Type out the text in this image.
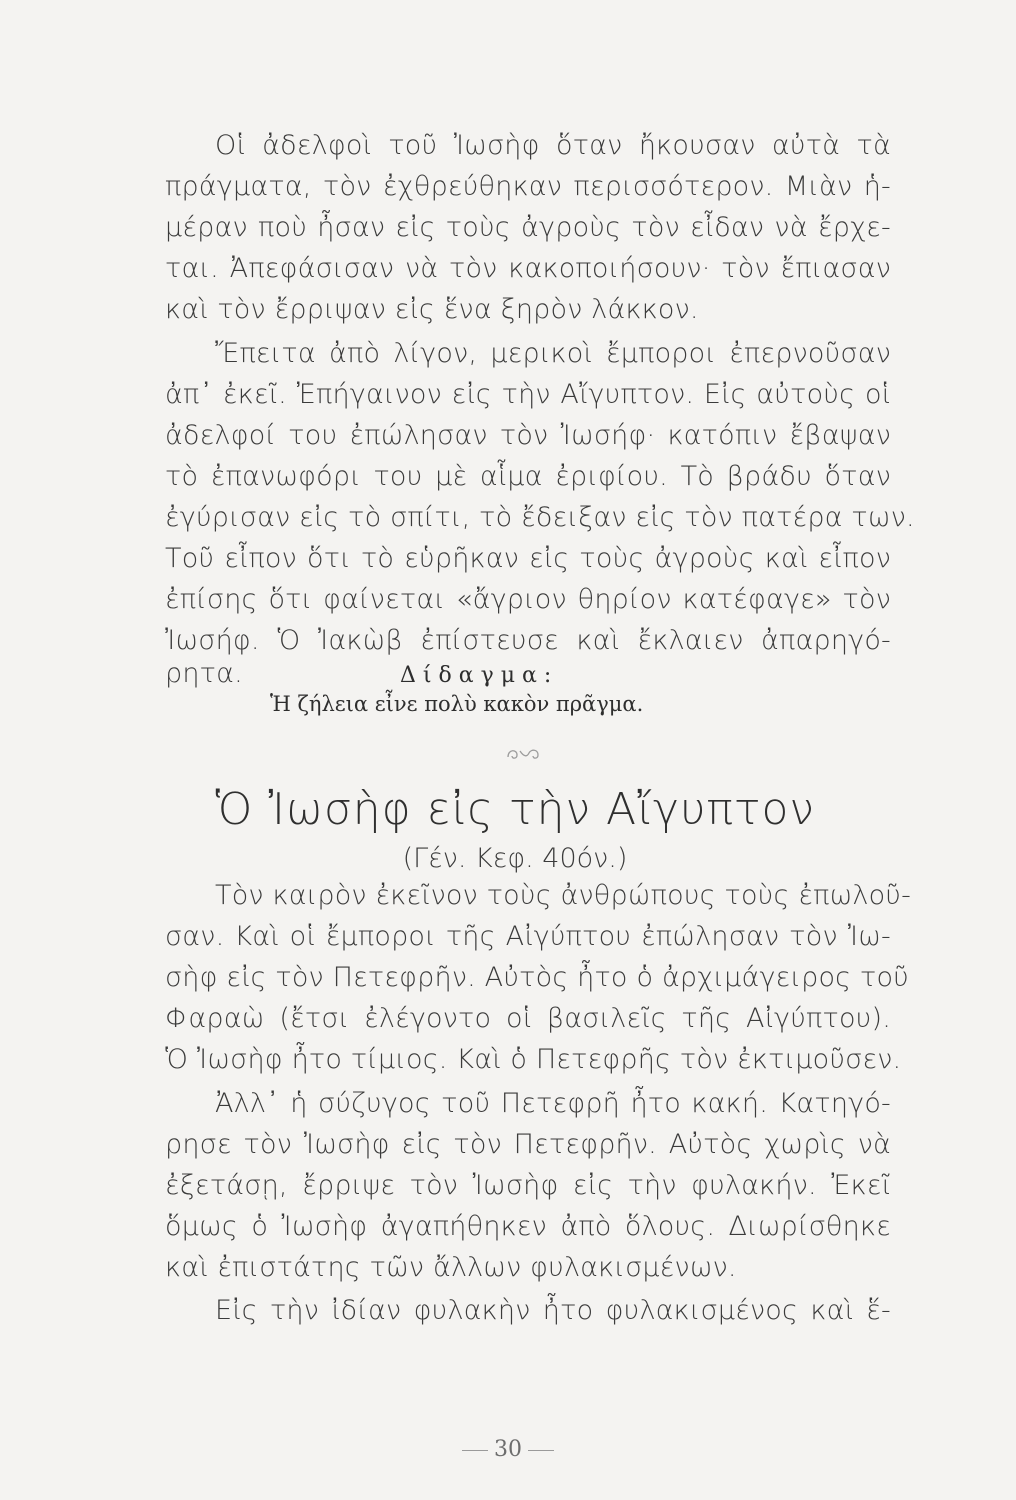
Οἱ ἀδελφοὶ τοῦ Ἰωσὴφ ὅταν ἤκουσαν αὐτὰ τὰ
πράγματα, τὸν ἐχθρεύθηκαν περισσότερον. Μιὰν ἡ-
μέραν ποὺ ἦσαν εἰς τοὺς ἀγροὺς τὸν εἶδαν νὰ ἔρχε-
ται. Ἀπεφάσισαν νὰ τὸν κακοποιήσουν· τὸν ἔπιασαν
καὶ τὸν ἔρριψαν εἰς ἕνα ξηρὸν λάκκον.
Ἔπειτα ἀπὸ λίγον, μερικοὶ ἔμποροι ἐπερνοῦσαν
ἀπ᾿ ἐκεῖ. Ἐπήγαινον εἰς τὴν Αἴγυπτον. Εἰς αὐτοὺς οἱ
ἀδελφοί του ἐπώλησαν τὸν Ἰωσήφ· κατόπιν ἔβαψαν
τὸ ἐπανωφόρι του μὲ αἷμα ἐριφίου. Τὸ βράδυ ὅταν
ἐγύρισαν εἰς τὸ σπίτι, τὸ ἔδειξαν εἰς τὸν πατέρα των.
Τοῦ εἶπον ὅτι τὸ εὑρῆκαν εἰς τοὺς ἀγροὺς καὶ εἶπον
ἐπίσης ὅτι φαίνεται «ἄγριον θηρίον κατέφαγε» τὸν
Ἰωσήφ. Ὁ Ἰακὼβ ἐπίστευσε καὶ ἔκλαιεν ἀπαρηγό-
ρητα.	Δίδαγμα:
Ἡ ζήλεια εἶνε πολὺ κακὸν πρᾶγμα.
Ὁ Ἰωσὴφ εἰς τὴν Αἴγυπτον
(Γέν. Κεφ. 40όν.)
Τὸν καιρὸν ἐκεῖνον τοὺς ἀνθρώπους τοὺς ἐπωλοῦ-
σαν. Καὶ οἱ ἔμποροι τῆς Αἰγύπτου ἐπώλησαν τὸν Ἰω-
σὴφ εἰς τὸν Πετεφρῆν. Αὐτὸς ἦτο ὁ ἀρχιμάγειρος τοῦ
Φαραὼ (ἔτσι ἐλέγοντο οἱ βασιλεῖς τῆς Αἰγύπτου).
Ὁ Ἰωσὴφ ἦτο τίμιος. Καὶ ὁ Πετεφρῆς τὸν ἐκτιμοῦσεν.
Ἀλλ᾿ ἡ σύζυγος τοῦ Πετεφρῆ ἦτο κακή. Κατηγό-
ρησε τὸν Ἰωσὴφ εἰς τὸν Πετεφρῆν. Αὐτὸς χωρὶς νὰ
ἐξετάσῃ, ἔρριψε τὸν Ἰωσὴφ εἰς τὴν φυλακήν. Ἐκεῖ
ὅμως ὁ Ἰωσὴφ ἀγαπήθηκεν ἀπὸ ὅλους. Διωρίσθηκε
καὶ ἐπιστάτης τῶν ἄλλων φυλακισμένων.
Εἰς τὴν ἰδίαν φυλακὴν ἦτο φυλακισμένος καὶ ἕ-
30
